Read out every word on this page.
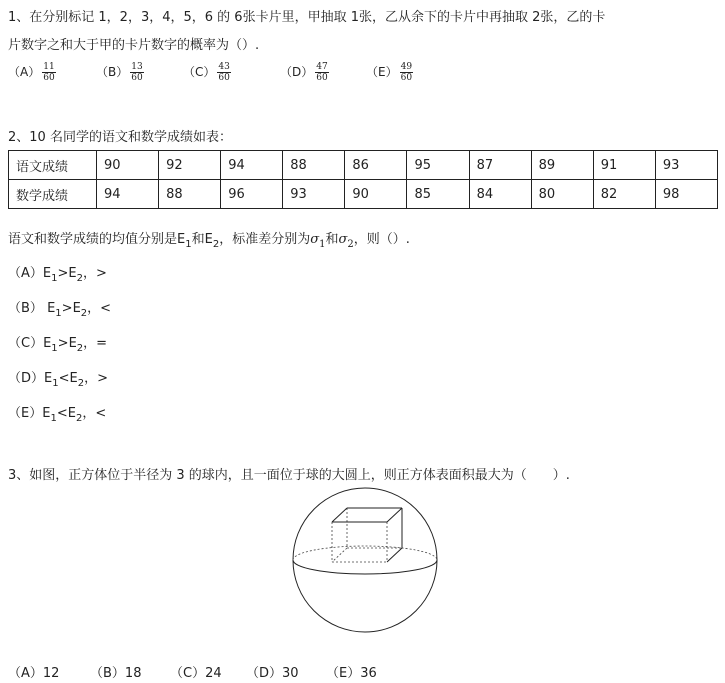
1、在分别标记 1，2，3，4，5，6 的 6张卡片里，甲抽取 1张，乙从余下的卡片中再抽取 2张，乙的卡
片数字之和大于甲的卡片数字的概率为（）.
$(A) \frac{11}{60}$	$(B) \frac{13}{60}$	$(C) \frac{43}{60}$	$(D) \frac{47}{60}$	$(E) \frac{49}{60}$
2、10 名同学的语文和数学成绩如表：
语文成绩	90	92	94	88	86	95	87	89	91	93
数学成绩	94	88	96	93	90	85	84	80	82	98
语文和数学成绩的均值分别是$E_1$和$E_2$，标准差分别为$\sigma_1$和$\sigma_2$，则（）.
$(A)E_1>E_2$，>
（B） $E_1>E_2$，<
$(C)E_1>E_2$，=
$(D)E_1<E_2$，>
$(E)E_1<E_2$，<
3、如图，正方体位于半径为 3 的球内，且一面位于球的大圆上，则正方体表面积最大为（　　）.
（A）12 （B）18 （C）24 （D）30 （E）36
